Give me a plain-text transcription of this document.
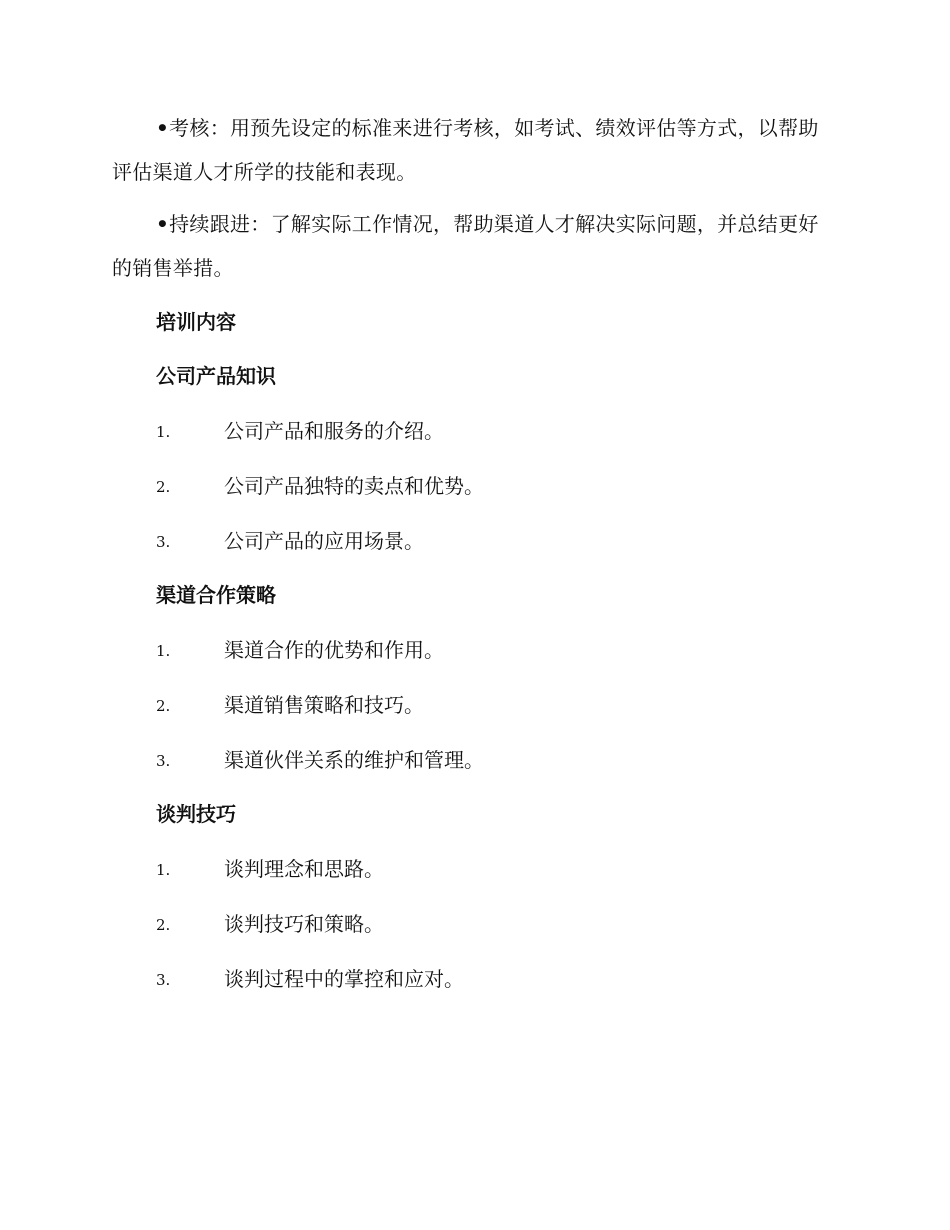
•考核：用预先设定的标准来进行考核，如考试、绩效评估等方式，以帮助评估渠道人才所学的技能和表现。

•持续跟进：了解实际工作情况，帮助渠道人才解决实际问题，并总结更好的销售举措。

培训内容
公司产品知识
1.	公司产品和服务的介绍。
2.	公司产品独特的卖点和优势。
3.	公司产品的应用场景。
渠道合作策略
1.	渠道合作的优势和作用。
2.	渠道销售策略和技巧。
3.	渠道伙伴关系的维护和管理。
谈判技巧
1.	谈判理念和思路。
2.	谈判技巧和策略。
3.	谈判过程中的掌控和应对。
